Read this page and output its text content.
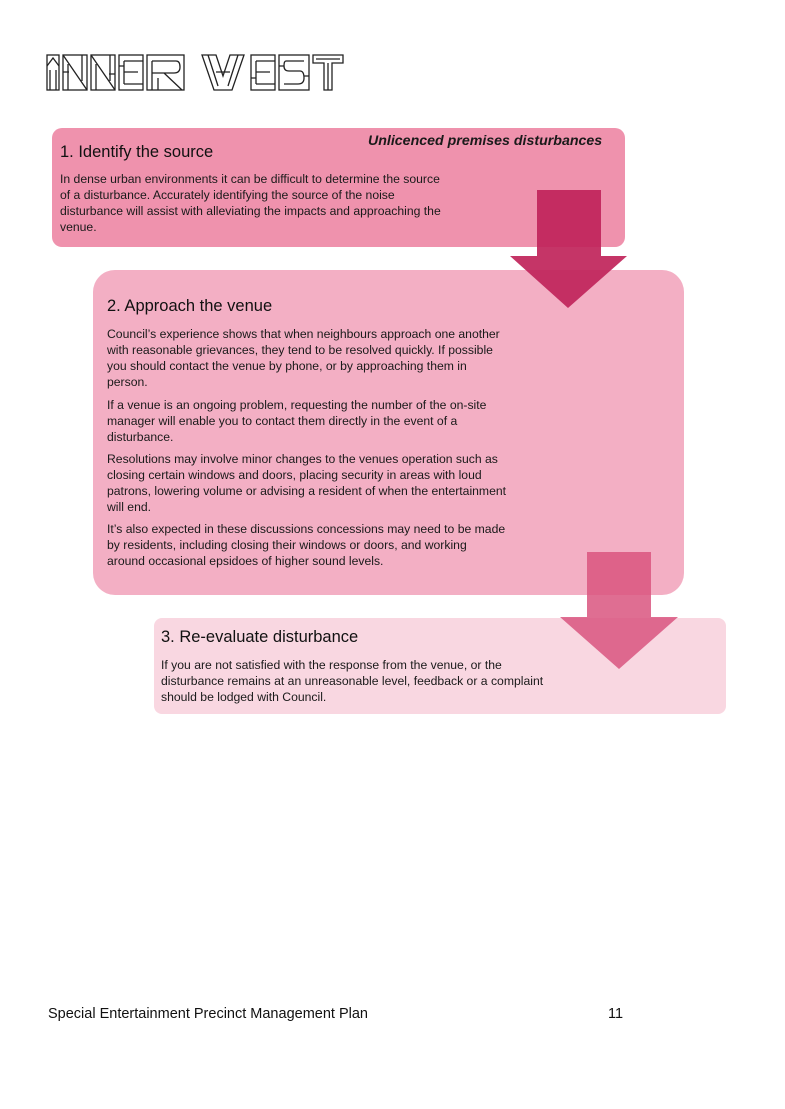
1. Identify the source
Unlicenced premises disturbances

In dense urban environments it can be difficult to determine the source of a disturbance. Accurately identifying the source of the noise disturbance will assist with alleviating the impacts and approaching the venue.

2. Approach the venue

Council’s experience shows that when neighbours approach one another with reasonable grievances, they tend to be resolved quickly. If possible you should contact the venue by phone, or by approaching them in person.

If a venue is an ongoing problem, requesting the number of the on-site manager will enable you to contact them directly in the event of a disturbance.

Resolutions may involve minor changes to the venues operation such as closing certain windows and doors, placing security in areas with loud patrons, lowering volume or advising a resident of when the entertainment will end.

It’s also expected in these discussions concessions may need to be made by residents, including closing their windows or doors, and working around occasional epsidoes of higher sound levels.

3. Re-evaluate disturbance

If you are not satisfied with the response from the venue, or the disturbance remains at an unreasonable level, feedback or a complaint should be lodged with Council.

Special Entertainment Precinct Management Plan	11
